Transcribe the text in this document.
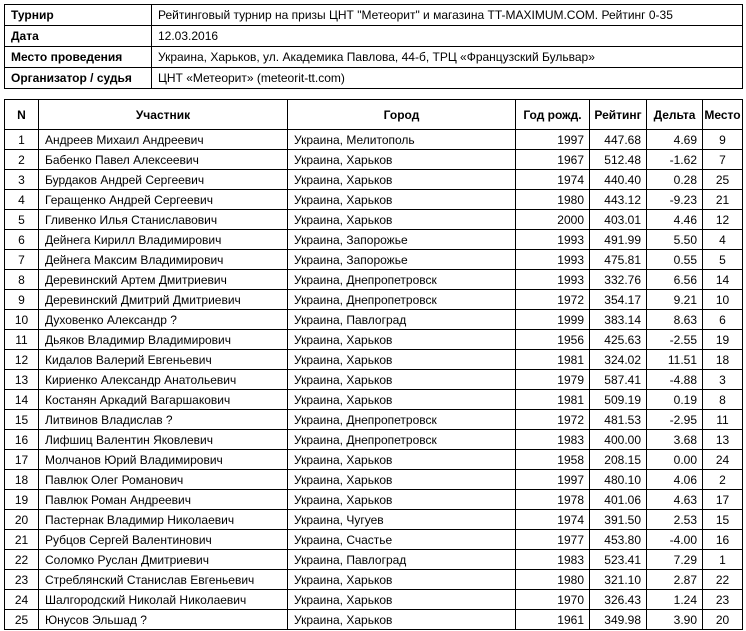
Турнир	Рейтинговый турнир на призы ЦНТ "Метеорит" и магазина TT-MAXIMUM.COM. Рейтинг 0-35
Дата	12.03.2016
Место проведения	Украина, Харьков, ул. Академика Павлова, 44-б, ТРЦ «Французский Бульвар»
Организатор / судья	ЦНТ «Метеорит» (meteorit-tt.com)
N	Участник	Город	Год рожд.	Рейтинг	Дельта	Место
1	Андреев Михаил Андреевич	Украина, Мелитополь	1997	447.68	4.69	9
2	Бабенко Павел Алексеевич	Украина, Харьков	1967	512.48	-1.62	7
3	Бурдаков Андрей Сергеевич	Украина, Харьков	1974	440.40	0.28	25
4	Геращенко Андрей Сергеевич	Украина, Харьков	1980	443.12	-9.23	21
5	Гливенко Илья Станиславович	Украина, Харьков	2000	403.01	4.46	12
6	Дейнега Кирилл Владимирович	Украина, Запорожье	1993	491.99	5.50	4
7	Дейнега Максим Владимирович	Украина, Запорожье	1993	475.81	0.55	5
8	Деревинский Артем Дмитриевич	Украина, Днепропетровск	1993	332.76	6.56	14
9	Деревинский Дмитрий Дмитриевич	Украина, Днепропетровск	1972	354.17	9.21	10
10	Духовенко Александр ?	Украина, Павлоград	1999	383.14	8.63	6
11	Дьяков Владимир Владимирович	Украина, Харьков	1956	425.63	-2.55	19
12	Кидалов Валерий Евгеньевич	Украина, Харьков	1981	324.02	11.51	18
13	Кириенко Александр Анатольевич	Украина, Харьков	1979	587.41	-4.88	3
14	Костанян Аркадий Вагаршакович	Украина, Харьков	1981	509.19	0.19	8
15	Литвинов Владислав ?	Украина, Днепропетровск	1972	481.53	-2.95	11
16	Лифшиц Валентин Яковлевич	Украина, Днепропетровск	1983	400.00	3.68	13
17	Молчанов Юрий Владимирович	Украина, Харьков	1958	208.15	0.00	24
18	Павлюк Олег Романович	Украина, Харьков	1997	480.10	4.06	2
19	Павлюк Роман Андреевич	Украина, Харьков	1978	401.06	4.63	17
20	Пастернак Владимир Николаевич	Украина, Чугуев	1974	391.50	2.53	15
21	Рубцов Сергей Валентинович	Украина, Счастье	1977	453.80	-4.00	16
22	Соломко Руслан Дмитриевич	Украина, Павлоград	1983	523.41	7.29	1
23	Стреблянский Станислав Евгеньевич	Украина, Харьков	1980	321.10	2.87	22
24	Шалгородский Николай Николаевич	Украина, Харьков	1970	326.43	1.24	23
25	Юнусов Эльшад ?	Украина, Харьков	1961	349.98	3.90	20
